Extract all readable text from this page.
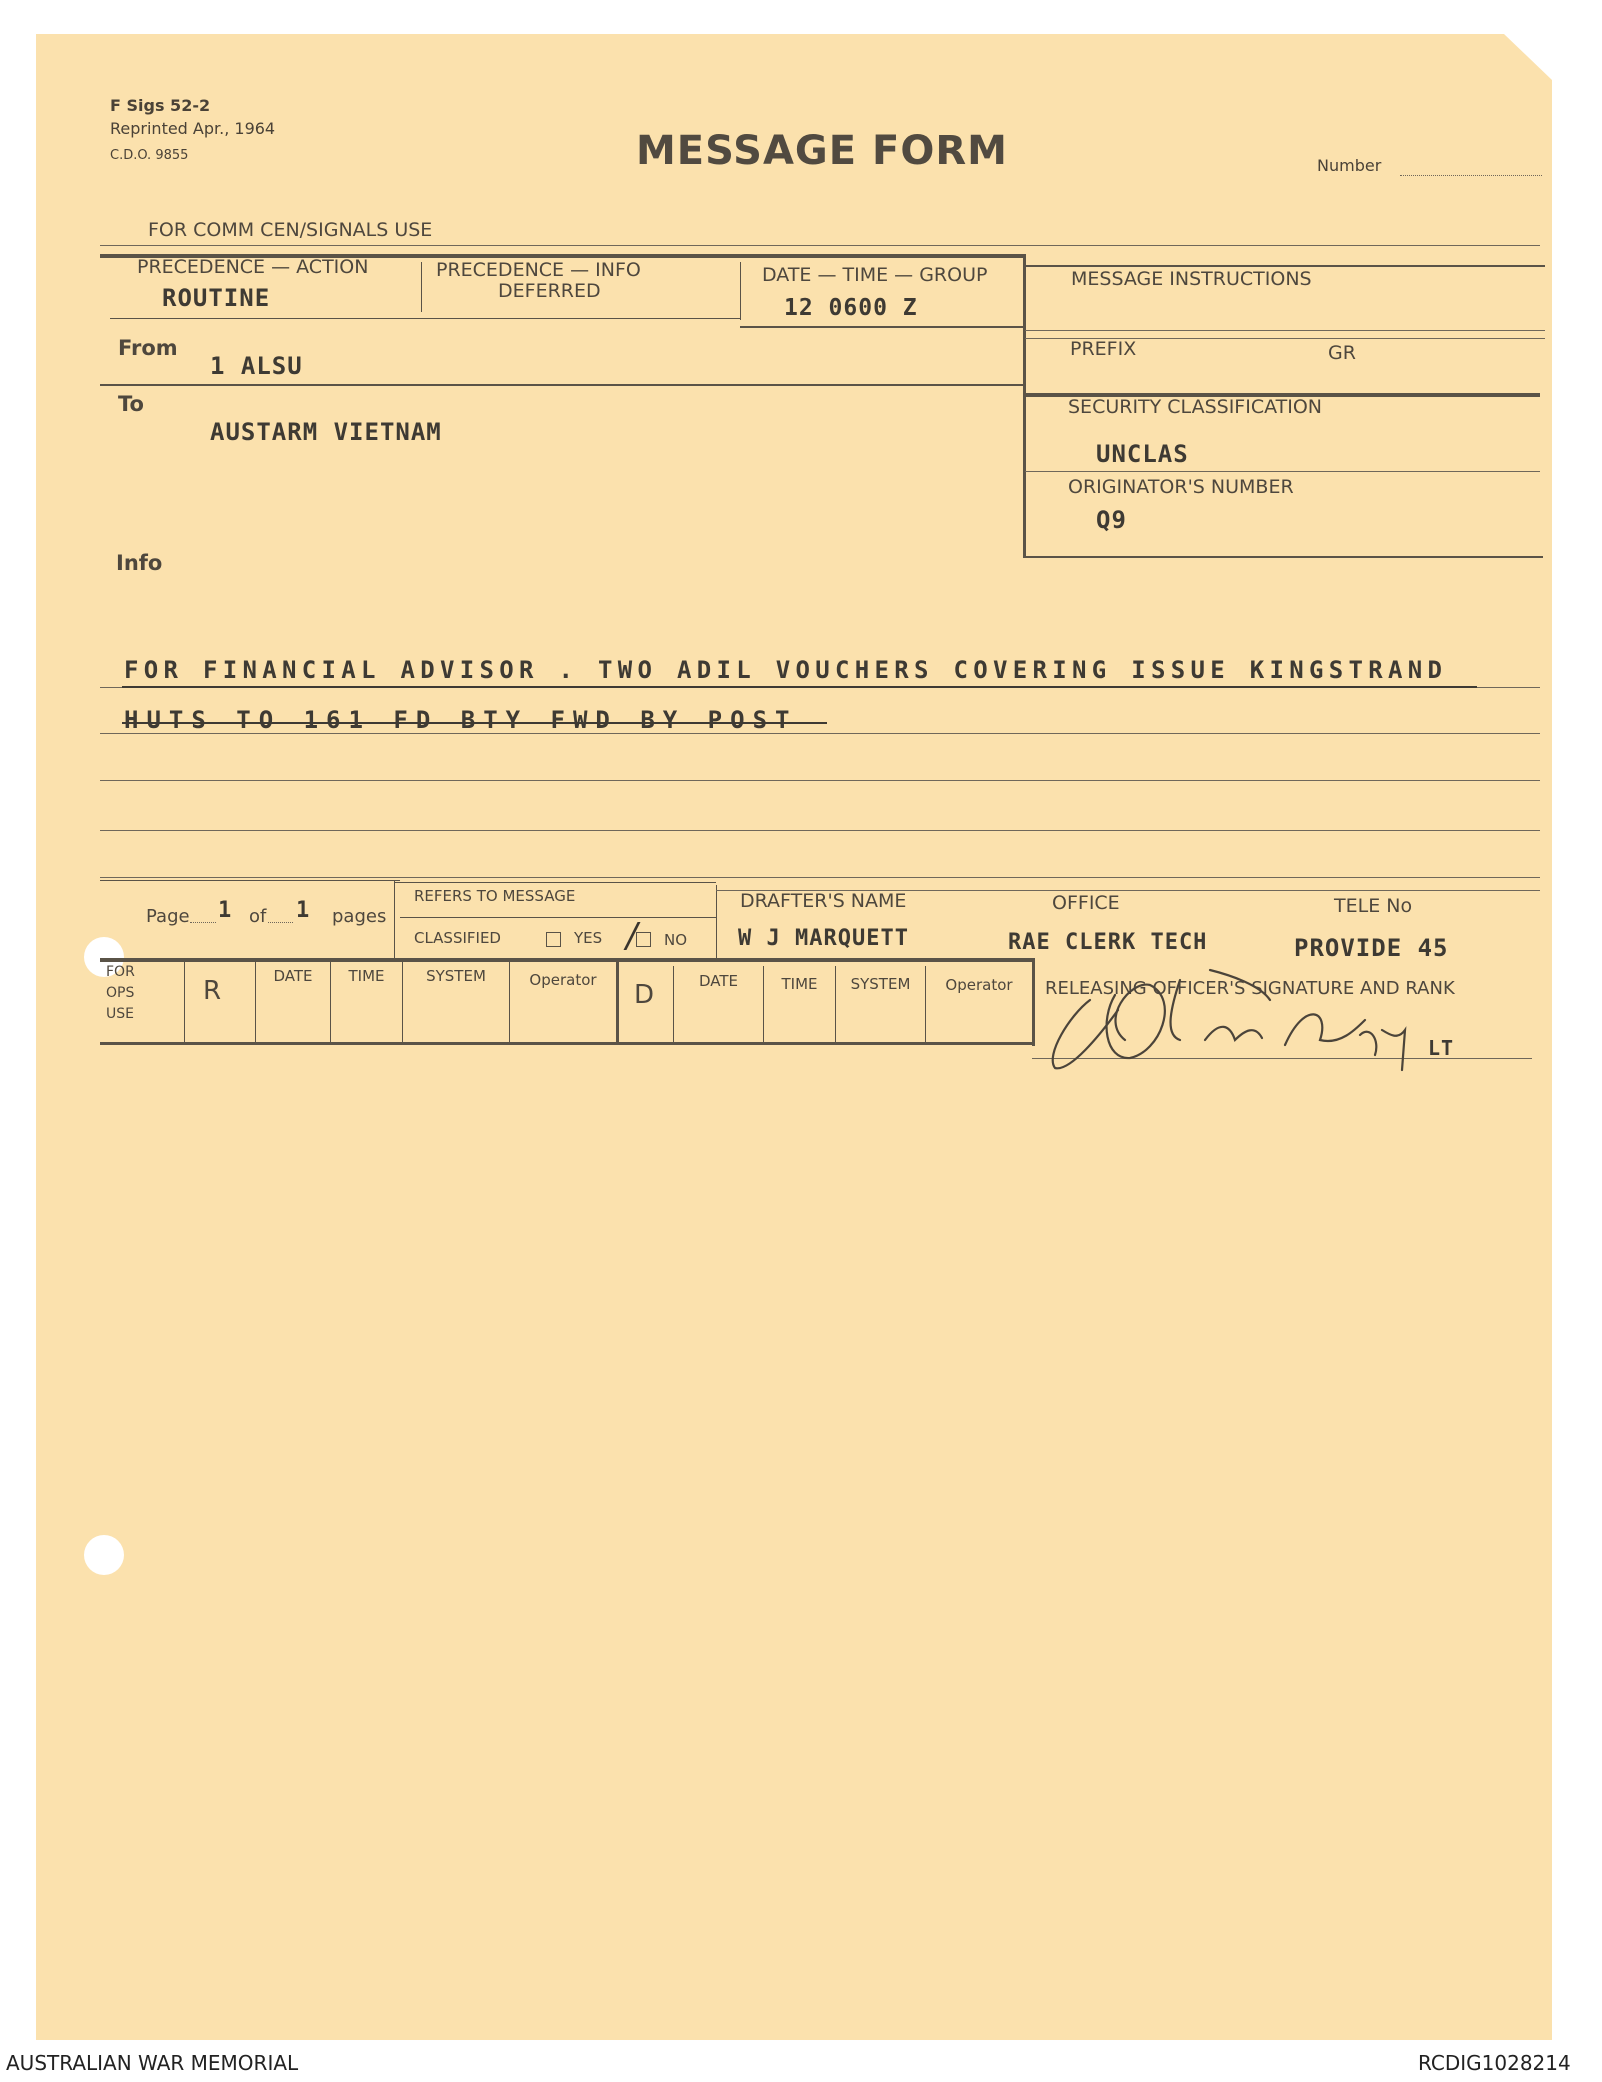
F Sigs 52-2
Reprinted Apr., 1964
C.D.O. 9855	MESSAGE FORM	Number
FOR COMM CEN/SIGNALS USE
PRECEDENCE — ACTION
ROUTINE
PRECEDENCE — INFO
DEFERRED
DATE — TIME — GROUP
12 0600 Z
MESSAGE INSTRUCTIONS
PREFIX	GR
SECURITY CLASSIFICATION
UNCLAS
ORIGINATOR'S NUMBER
Q9
From
1 ALSU
To
AUSTARM VIETNAM
Info
FOR FINANCIAL ADVISOR . TWO ADIL VOUCHERS COVERING ISSUE KINGSTRAND
HUTS TO 161 FD BTY FWD BY POST
Page 1 of 1 pages
REFERS TO MESSAGE
CLASSIFIED	YES / NO
DRAFTER'S NAME
W J MARQUETT
OFFICE
RAE CLERK TECH
TELE No
PROVIDE 45
FOR
OPS
USE
R	DATE	TIME	SYSTEM	Operator	D	DATE	TIME	SYSTEM	Operator	RELEASING OFFICER'S SIGNATURE AND RANK
LT
AUSTRALIAN WAR MEMORIAL	RCDIG1028214
